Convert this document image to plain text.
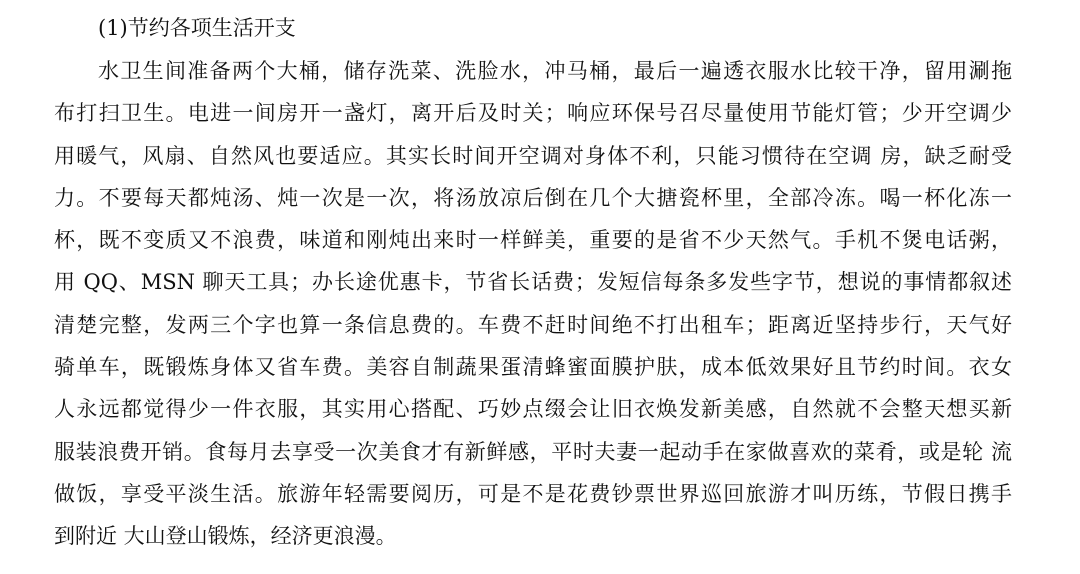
(1)节约各项生活开支
水卫生间准备两个大桶，储存洗菜、洗脸水，冲马桶，最后一遍透衣服水比较干净，留用涮拖
布打扫卫生。电进一间房开一盏灯，离开后及时关；响应环保号召尽量使用节能灯管；少开空调少
用暖气，风扇、自然风也要适应。其实长时间开空调对身体不利，只能习惯待在空调 房，缺乏耐受
力。不要每天都炖汤、炖一次是一次，将汤放凉后倒在几个大搪瓷杯里，全部冷冻。喝一杯化冻一
杯，既不变质又不浪费，味道和刚炖出来时一样鲜美，重要的是省不少天然气。手机不煲电话粥，
用 QQ、MSN 聊天工具；办长途优惠卡，节省长话费；发短信每条多发些字节，想说的事情都叙述
清楚完整，发两三个字也算一条信息费的。车费不赶时间绝不打出租车；距离近坚持步行，天气好
骑单车，既锻炼身体又省车费。美容自制蔬果蛋清蜂蜜面膜护肤，成本低效果好且节约时间。衣女
人永远都觉得少一件衣服，其实用心搭配、巧妙点缀会让旧衣焕发新美感，自然就不会整天想买新
服装浪费开销。食每月去享受一次美食才有新鲜感，平时夫妻一起动手在家做喜欢的菜肴，或是轮 流
做饭，享受平淡生活。旅游年轻需要阅历，可是不是花费钞票世界巡回旅游才叫历练，节假日携手
到附近 大山登山锻炼，经济更浪漫。
